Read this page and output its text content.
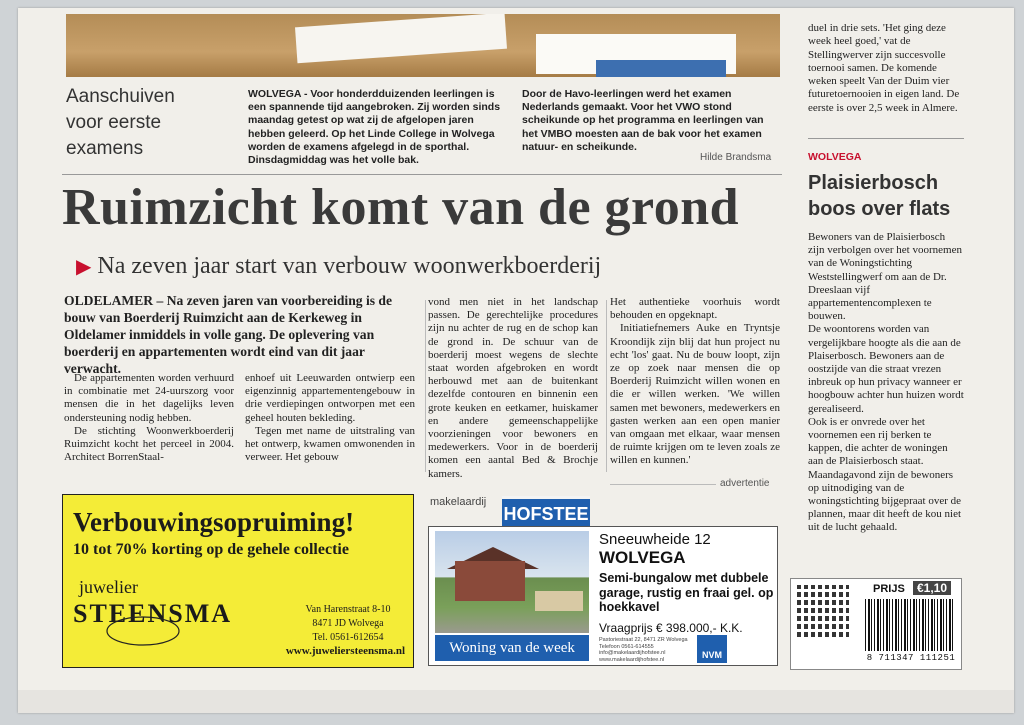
Aanschuiven
voor eerste
examens
WOLVEGA - Voor honderdduizenden leerlingen is een spannende tijd aangebroken. Zij worden sinds maandag getest op wat zij de afgelopen jaren hebben geleerd. Op het Linde College in Wolvega worden de examens afgelegd in de sporthal. Dinsdagmiddag was het volle bak.
Door de Havo-leerlingen werd het examen Nederlands gemaakt. Voor het VWO stond scheikunde op het programma en leerlingen van het VMBO moesten aan de bak voor het examen natuur- en scheikunde.
Hilde Brandsma
Ruimzicht komt van de grond
▶ Na zeven jaar start van verbouw woonwerkboerderij
OLDELAMER – Na zeven jaren van voorbereiding is de bouw van Boerderij Ruimzicht aan de Kerkeweg in Oldelamer inmiddels in volle gang. De oplevering van boerderij en appartementen wordt eind van dit jaar verwacht.

De appartementen worden verhuurd in combinatie met 24-uurszorg voor mensen die in het dagelijks leven ondersteuning nodig hebben.

De stichting Woonwerkboerderij Ruimzicht kocht het perceel in 2004. Architect BorrenStaal-

enhoef uit Leeuwarden ontwierp een eigenzinnig appartementengebouw in drie verdiepingen ontworpen met een geheel houten bekleding.

Tegen met name de uitstraling van het ontwerp, kwamen omwonenden in verweer. Het gebouw

vond men niet in het landschap passen. De gerechtelijke procedures zijn nu achter de rug en de schop kan de grond in. De schuur van de boerderij moest wegens de slechte staat worden afgebroken en wordt herbouwd met aan de buitenkant dezelfde contouren en binnenin een grote keuken en eetkamer, huiskamer en andere gemeenschappelijke voorzieningen voor bewoners en medewerkers. Voor in de boerderij komen een aantal Bed & Brochje kamers.

Het authentieke voorhuis wordt behouden en opgeknapt.

Initiatiefnemers Auke en Tryntsje Kroondijk zijn blij dat hun project nu echt 'los' gaat. Nu de bouw loopt, zijn ze op zoek naar mensen die op Boerderij Ruimzicht willen wonen en die er willen werken. 'We willen samen met bewoners, medewerkers en gasten werken aan een open manier van omgaan met elkaar, waar mensen de ruimte krijgen om te leven zoals ze willen en kunnen.'

advertentie
Verbouwingsopruiming!
10 tot 70% korting op de gehele collectie
juwelier
STEENSMA	Van Harenstraat 8-10
8471 JD Wolvega
Tel. 0561-612654
www.juweliersteensma.nl
makelaardij
HOFSTEE
Woning van de week
Sneeuwheide 12
WOLVEGA
Semi-bungalow met dubbele garage, rustig en fraai gel. op hoekkavel
Vraagprijs € 398.000,- K.K.
Pastoriestraat 22, 8471 ZR Wolvega
Telefoon 0561-614555
info@makelaardijhofstee.nl
www.makelaardijhofstee.nl	NVM
duel in drie sets. 'Het ging deze week heel goed,' vat de Stellingwerver zijn succesvolle toernooi samen. De komende weken speelt Van der Duim vier futuretoernooien in eigen land. De eerste is over 2,5 week in Almere.
WOLVEGA
Plaisierbosch boos over flats

Bewoners van de Plaisierbosch zijn verbolgen over het voornemen van de Woningstichting Weststellingwerf om aan de Dr. Dreeslaan vijf appartementencomplexen te bouwen.

De woontorens worden van vergelijkbare hoogte als die aan de Plaiserbosch. Bewoners aan de oostzijde van die straat vrezen inbreuk op hun privacy wanneer er hoogbouw achter hun huizen wordt gerealiseerd.

Ook is er onvrede over het voornemen een rij berken te kappen, die achter de woningen aan de Plaisierbosch staat. Maandagavond zijn de bewoners op uitnodiging van de woningstichting bijgepraat over de plannen, maar dit heeft de kou niet uit de lucht gehaald.

PRIJS	€1,10
8 711347 111251
